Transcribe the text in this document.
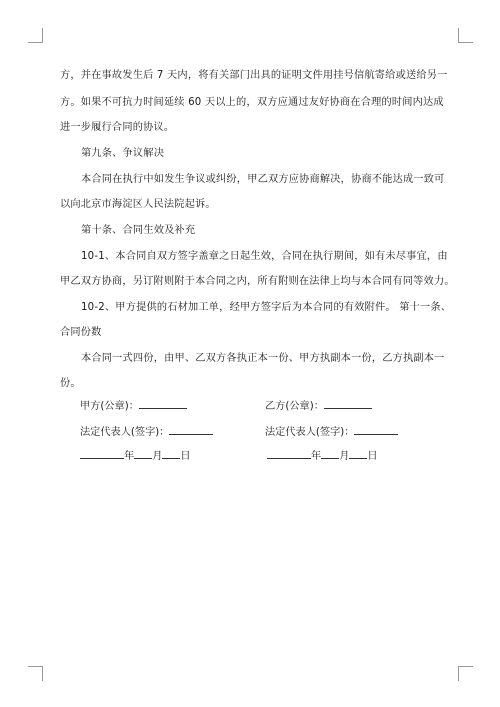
方，并在事故发生后 7 天内，将有关部门出具的证明文件用挂号信航寄给或送给另一
方。如果不可抗力时间延续 60 天以上的，双方应通过友好协商在合理的时间内达成
进一步履行合同的协议。
第九条、争议解决
本合同在执行中如发生争议或纠纷，甲乙双方应协商解决，协商不能达成一致可
以向北京市海淀区人民法院起诉。
第十条、合同生效及补充
10-1、本合同自双方签字盖章之日起生效，合同在执行期间，如有未尽事宜，由
甲乙双方协商，另订附则附于本合同之内，所有附则在法律上均与本合同有同等效力。
10-2、甲方提供的石材加工单，经甲方签字后为本合同的有效附件。 第十一条、
合同份数
本合同一式四份，由甲、乙双方各执正本一份、甲方执副本一份，乙方执副本一
份。
甲方(公章)：	乙方(公章)：
法定代表人(签字)：	法定代表人(签字)：
年 月 日	年 月 日
